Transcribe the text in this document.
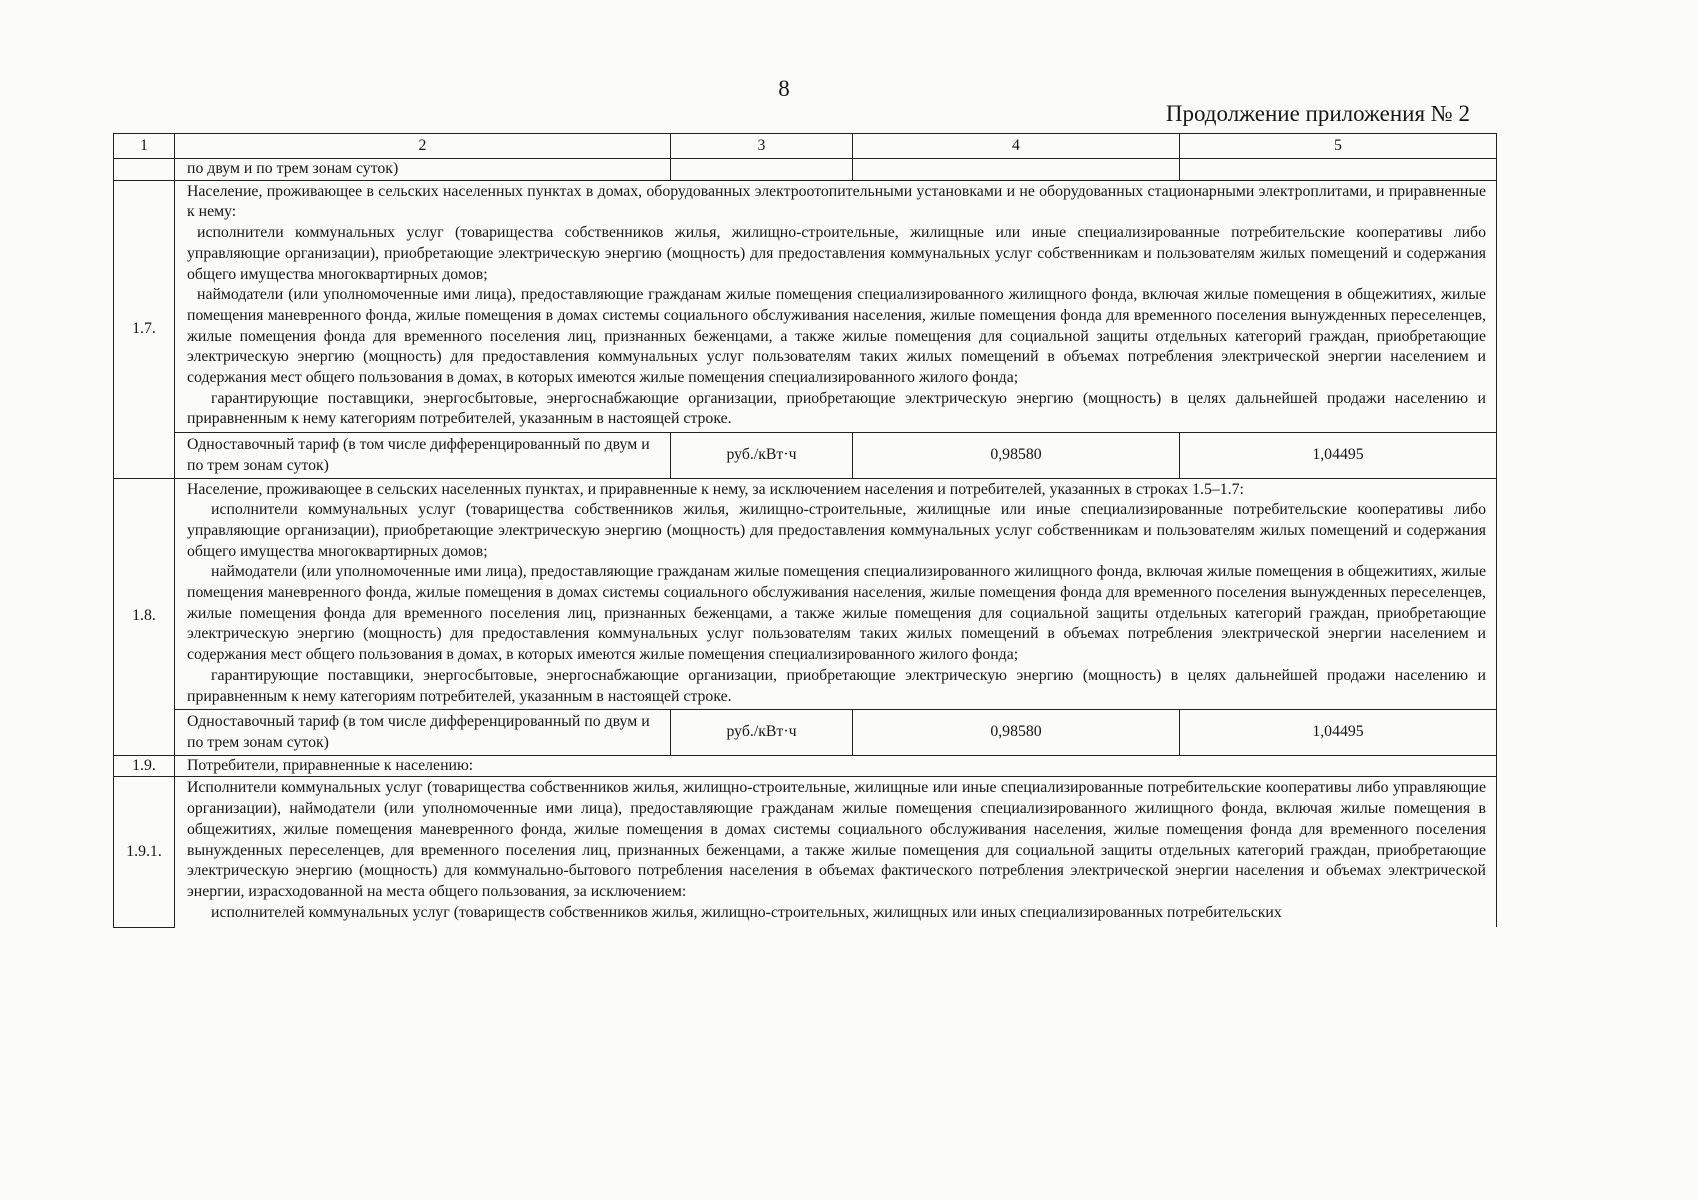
8
Продолжение приложения № 2
1	2	3	4	5
	по двум и по трем зонам суток)			
1.7.	Население, проживающее в сельских населенных пунктах в домах, оборудованных электроотопительными установками и не оборудованных стационарными электроплитами, и приравненные к нему:

исполнители коммунальных услуг (товарищества собственников жилья, жилищно-строительные, жилищные или иные специализированные потребительские кооперативы либо управляющие организации), приобретающие электрическую энергию (мощность) для предоставления коммунальных услуг собственникам и пользователям жилых помещений и содержания общего имущества многоквартирных домов;

наймодатели (или уполномоченные ими лица), предоставляющие гражданам жилые помещения специализированного жилищного фонда, включая жилые помещения в общежитиях, жилые помещения маневренного фонда, жилые помещения в домах системы социального обслуживания населения, жилые помещения фонда для временного поселения вынужденных переселенцев, жилые помещения фонда для временного поселения лиц, признанных беженцами, а также жилые помещения для социальной защиты отдельных категорий граждан, приобретающие электрическую энергию (мощность) для предоставления коммунальных услуг пользователям таких жилых помещений в объемах потребления электрической энергии населением и содержания мест общего пользования в домах, в которых имеются жилые помещения специализированного жилого фонда;

гарантирующие поставщики, энергосбытовые, энергоснабжающие организации, приобретающие электрическую энергию (мощность) в целях дальнейшей продажи населению и приравненным к нему категориям потребителей, указанным в настоящей строке.			

	Одноставочный тариф (в том числе дифференцированный по двум и по трем зонам суток)	руб./кВт·ч	0,98580	1,04495
1.8.	Население, проживающее в сельских населенных пунктах, и приравненные к нему, за исключением населения и потребителей, указанных в строках 1.5–1.7:

исполнители коммунальных услуг (товарищества собственников жилья, жилищно-строительные, жилищные или иные специализированные потребительские кооперативы либо управляющие организации), приобретающие электрическую энергию (мощность) для предоставления коммунальных услуг собственникам и пользователям жилых помещений и содержания общего имущества многоквартирных домов;

наймодатели (или уполномоченные ими лица), предоставляющие гражданам жилые помещения специализированного жилищного фонда, включая жилые помещения в общежитиях, жилые помещения маневренного фонда, жилые помещения в домах системы социального обслуживания населения, жилые помещения фонда для временного поселения вынужденных переселенцев, жилые помещения фонда для временного поселения лиц, признанных беженцами, а также жилые помещения для социальной защиты отдельных категорий граждан, приобретающие электрическую энергию (мощность) для предоставления коммунальных услуг пользователям таких жилых помещений в объемах потребления электрической энергии населением и содержания мест общего пользования в домах, в которых имеются жилые помещения специализированного жилого фонда;

гарантирующие поставщики, энергосбытовые, энергоснабжающие организации, приобретающие электрическую энергию (мощность) в целях дальнейшей продажи населению и приравненным к нему категориям потребителей, указанным в настоящей строке.			

	Одноставочный тариф (в том числе дифференцированный по двум и по трем зонам суток)	руб./кВт·ч	0,98580	1,04495
1.9.	Потребители, приравненные к населению:			
1.9.1.	Исполнители коммунальных услуг (товарищества собственников жилья, жилищно-строительные, жилищные или иные специализированные потребительские кооперативы либо управляющие организации), наймодатели (или уполномоченные ими лица), предоставляющие гражданам жилые помещения специализированного жилищного фонда, включая жилые помещения в общежитиях, жилые помещения маневренного фонда, жилые помещения в домах системы социального обслуживания населения, жилые помещения фонда для временного поселения вынужденных переселенцев, для временного поселения лиц, признанных беженцами, а также жилые помещения для социальной защиты отдельных категорий граждан, приобретающие электрическую энергию (мощность) для коммунально-бытового потребления населения в объемах фактического потребления электрической энергии населения и объемах электрической энергии, израсходованной на места общего пользования, за исключением:

исполнителей коммунальных услуг (товариществ собственников жилья, жилищно-строительных, жилищных или иных специализированных потребительских			
